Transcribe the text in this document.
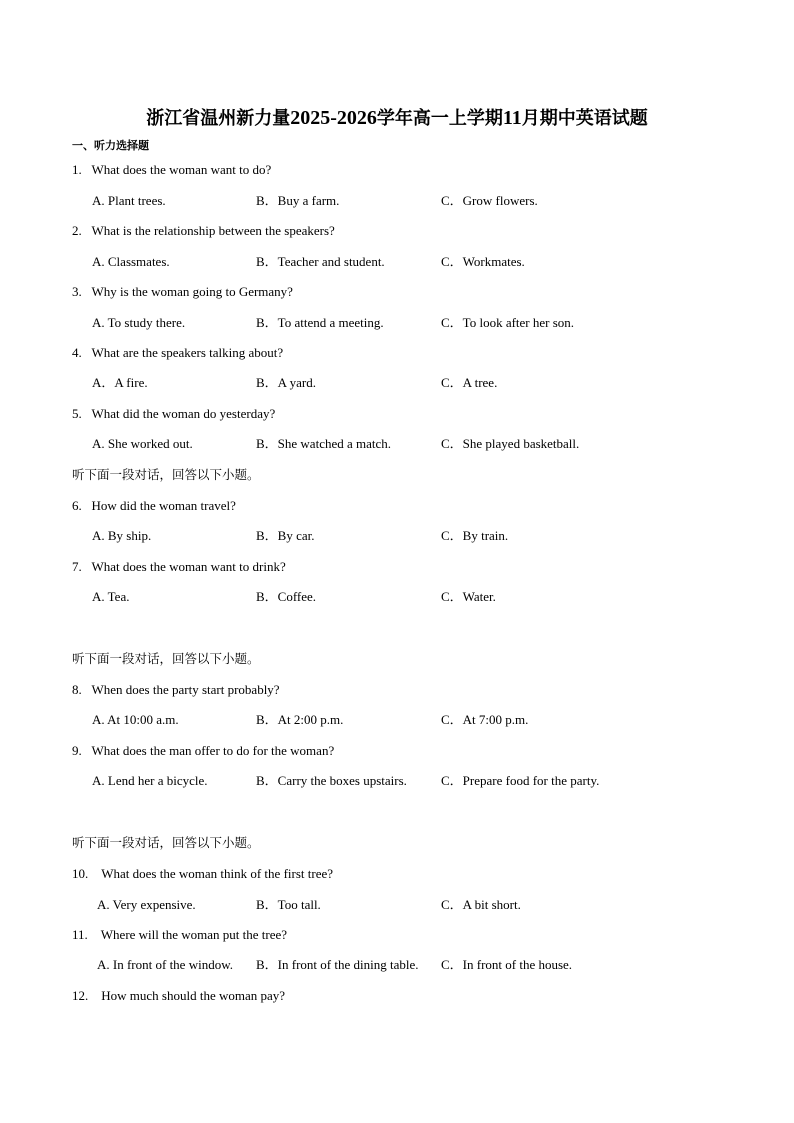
浙江省温州新力量2025-2026学年高一上学期11月期中英语试题
一、听力选择题
1. What does the woman want to do?
A. Plant trees.	B．Buy a farm.	C．Grow flowers.
2. What is the relationship between the speakers?
A. Classmates.	B．Teacher and student.	C．Workmates.
3. Why is the woman going to Germany?
A. To study there.	B．To attend a meeting.	C．To look after her son.
4. What are the speakers talking about?
A．A fire.	B．A yard.	C．A tree.
5. What did the woman do yesterday?
A. She worked out.	B．She watched a match.	C．She played basketball.
听下面一段对话，回答以下小题。
6. How did the woman travel?
A. By ship.	B．By car.	C．By train.
7. What does the woman want to drink?
A. Tea.	B．Coffee.	C．Water.
听下面一段对话，回答以下小题。
8. When does the party start probably?
A. At 10:00 a.m.	B．At 2:00 p.m.	C．At 7:00 p.m.
9. What does the man offer to do for the woman?
A. Lend her a bicycle.	B．Carry the boxes upstairs.	C．Prepare food for the party.
听下面一段对话，回答以下小题。
10. What does the woman think of the first tree?
A. Very expensive.	B．Too tall.	C．A bit short.
11. Where will the woman put the tree?
A. In front of the window. B．In front of the dining table. C．In front of the house.
12. How much should the woman pay?
